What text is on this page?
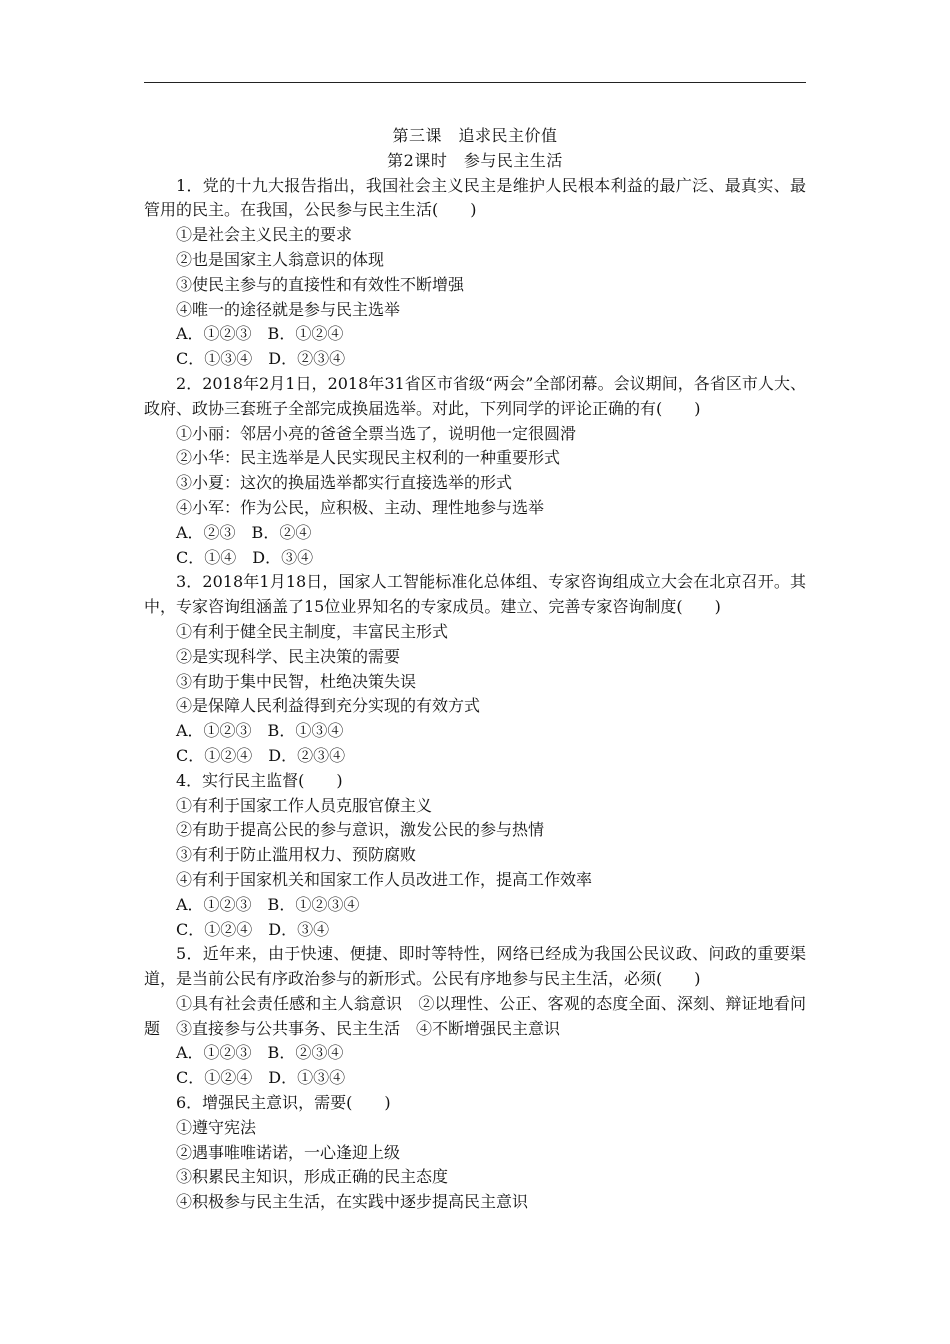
第三课　追求民主价值
第2课时　参与民主生活
1．党的十九大报告指出，我国社会主义民主是维护人民根本利益的最广泛、最真实、最管用的民主。在我国，公民参与民主生活(　　)
①是社会主义民主的要求
②也是国家主人翁意识的体现
③使民主参与的直接性和有效性不断增强
④唯一的途径就是参与民主选举
A．①②③　B．①②④
C．①③④　D．②③④
2．2018年2月1日，2018年31省区市省级“两会”全部闭幕。会议期间，各省区市人大、政府、政协三套班子全部完成换届选举。对此，下列同学的评论正确的有(　　)
①小丽：邻居小亮的爸爸全票当选了，说明他一定很圆滑
②小华：民主选举是人民实现民主权利的一种重要形式
③小夏：这次的换届选举都实行直接选举的形式
④小军：作为公民，应积极、主动、理性地参与选举
A．②③　B．②④
C．①④　D．③④
3．2018年1月18日，国家人工智能标准化总体组、专家咨询组成立大会在北京召开。其中，专家咨询组涵盖了15位业界知名的专家成员。建立、完善专家咨询制度(　　)
①有利于健全民主制度，丰富民主形式
②是实现科学、民主决策的需要
③有助于集中民智，杜绝决策失误
④是保障人民利益得到充分实现的有效方式
A．①②③　B．①③④
C．①②④　D．②③④
4．实行民主监督(　　)
①有利于国家工作人员克服官僚主义
②有助于提高公民的参与意识，激发公民的参与热情
③有利于防止滥用权力、预防腐败
④有利于国家机关和国家工作人员改进工作，提高工作效率
A．①②③　B．①②③④
C．①②④　D．③④
5．近年来，由于快速、便捷、即时等特性，网络已经成为我国公民议政、问政的重要渠道，是当前公民有序政治参与的新形式。公民有序地参与民主生活，必须(　　)
①具有社会责任感和主人翁意识　②以理性、公正、客观的态度全面、深刻、辩证地看问题　③直接参与公共事务、民主生活　④不断增强民主意识
A．①②③　B．②③④
C．①②④　D．①③④
6．增强民主意识，需要(　　)
①遵守宪法
②遇事唯唯诺诺，一心逢迎上级
③积累民主知识，形成正确的民主态度
④积极参与民主生活，在实践中逐步提高民主意识
